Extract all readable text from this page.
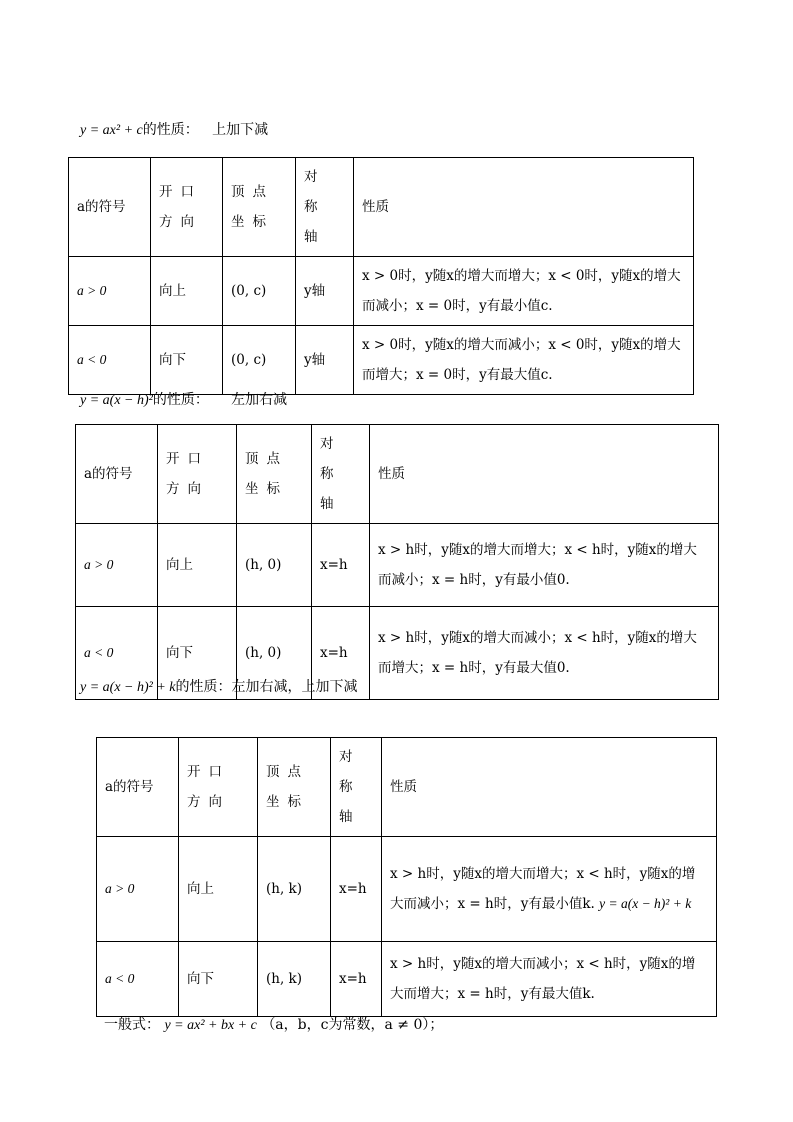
y = ax² + c的性质： 上加下减
a的符号	开口方向	顶点坐标	对称轴	性质
a > 0	向上	(0, c)	y轴	x > 0时，y随x的增大而增大；x < 0时，y随x的增大而减小；x = 0时，y有最小值c.
a < 0	向下	(0, c)	y轴	x > 0时，y随x的增大而减小；x < 0时，y随x的增大而增大；x = 0时，y有最大值c.
y = a(x − h)²的性质： 左加右减
a的符号	开口方向	顶点坐标	对称轴	性质
a > 0	向上	(h, 0)	x=h	x > h时，y随x的增大而增大；x < h时，y随x的增大而减小；x = h时，y有最小值0.
a < 0	向下	(h, 0)	x=h	x > h时，y随x的增大而减小；x < h时，y随x的增大而增大；x = h时，y有最大值0.
y = a(x − h)² + k的性质：左加右减，上加下减
a的符号	开口方向	顶点坐标	对称轴	性质
a > 0	向上	(h, k)	x=h	x > h时，y随x的增大而增大；x < h时，y随x的增大而减小；x = h时，y有最小值k. y = a(x − h)² + k
a < 0	向下	(h, k)	x=h	x > h时，y随x的增大而减小；x < h时，y随x的增大而增大；x = h时，y有最大值k.
一般式： y = ax² + bx + c （a，b，c为常数，a ≠ 0）；
